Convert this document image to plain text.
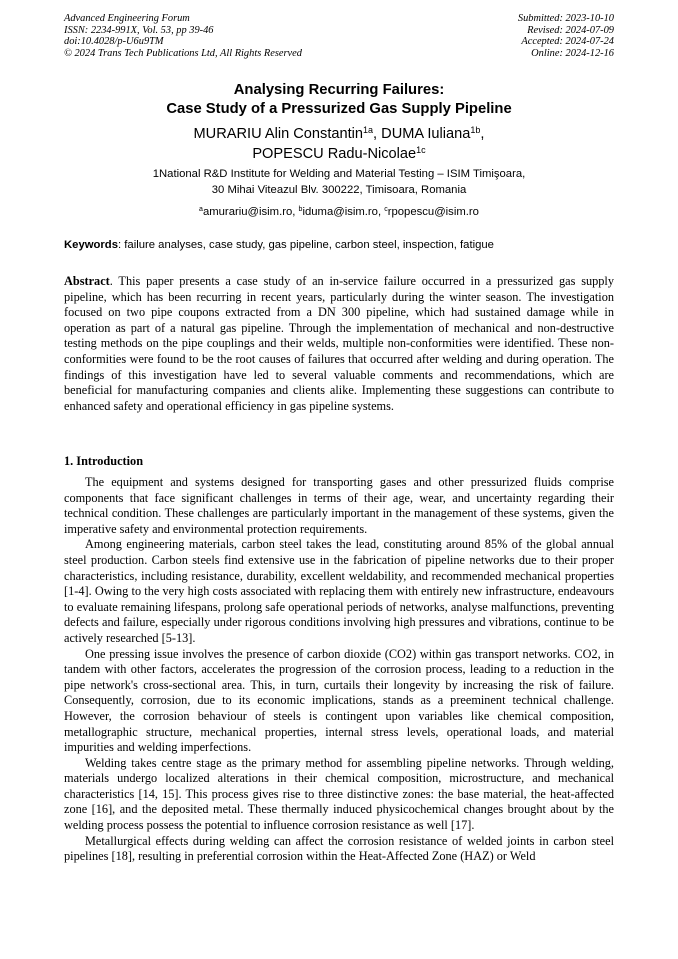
Advanced Engineering Forum
ISSN: 2234-991X, Vol. 53, pp 39-46
doi:10.4028/p-U6u9TM
© 2024 Trans Tech Publications Ltd, All Rights Reserved
Submitted: 2023-10-10
Revised: 2024-07-09
Accepted: 2024-07-24
Online: 2024-12-16
Analysing Recurring Failures:
Case Study of a Pressurized Gas Supply Pipeline
MURARIU Alin Constantin$^{1a}$, DUMA Iuliana$^{1b}$,
POPESCU Radu-Nicolae$^{1c}$
1National R&D Institute for Welding and Material Testing – ISIM Timişoara,
30 Mihai Viteazul Blv. 300222, Timisoara, Romania
$^a$amurariu@isim.ro, $^b$iduma@isim.ro, $^c$rpopescu@isim.ro
Keywords: failure analyses, case study, gas pipeline, carbon steel, inspection, fatigue

Abstract. This paper presents a case study of an in-service failure occurred in a pressurized gas supply pipeline, which has been recurring in recent years, particularly during the winter season. The investigation focused on two pipe coupons extracted from a DN 300 pipeline, which had sustained damage while in operation as part of a natural gas pipeline. Through the implementation of mechanical and non-destructive testing methods on the pipe couplings and their welds, multiple non-conformities were identified. These non-conformities were found to be the root causes of failures that occurred after welding and during operation. The findings of this investigation have led to several valuable comments and recommendations, which are beneficial for manufacturing companies and clients alike. Implementing these suggestions can contribute to enhanced safety and operational efficiency in gas pipeline systems.

1. Introduction

The equipment and systems designed for transporting gases and other pressurized fluids comprise components that face significant challenges in terms of their age, wear, and uncertainty regarding their technical condition. These challenges are particularly important in the management of these systems, given the imperative safety and environmental protection requirements.

Among engineering materials, carbon steel takes the lead, constituting around 85% of the global annual steel production. Carbon steels find extensive use in the fabrication of pipeline networks due to their proper characteristics, including resistance, durability, excellent weldability, and recommended mechanical properties [1-4]. Owing to the very high costs associated with replacing them with entirely new infrastructure, endeavours to evaluate remaining lifespans, prolong safe operational periods of networks, analyse malfunctions, preventing defects and failure, especially under rigorous conditions involving high pressures and vibrations, continue to be actively researched [5-13].

One pressing issue involves the presence of carbon dioxide (CO2) within gas transport networks. CO2, in tandem with other factors, accelerates the progression of the corrosion process, leading to a reduction in the pipe network's cross-sectional area. This, in turn, curtails their longevity by increasing the risk of failure. Consequently, corrosion, due to its economic implications, stands as a preeminent technical challenge. However, the corrosion behaviour of steels is contingent upon variables like chemical composition, metallographic structure, mechanical properties, internal stress levels, operational loads, and material impurities and welding imperfections.

Welding takes centre stage as the primary method for assembling pipeline networks. Through welding, materials undergo localized alterations in their chemical composition, microstructure, and mechanical characteristics [14, 15]. This process gives rise to three distinctive zones: the base material, the heat-affected zone [16], and the deposited metal. These thermally induced physicochemical changes brought about by the welding process possess the potential to influence corrosion resistance as well [17].

Metallurgical effects during welding can affect the corrosion resistance of welded joints in carbon steel pipelines [18], resulting in preferential corrosion within the Heat-Affected Zone (HAZ) or Weld
